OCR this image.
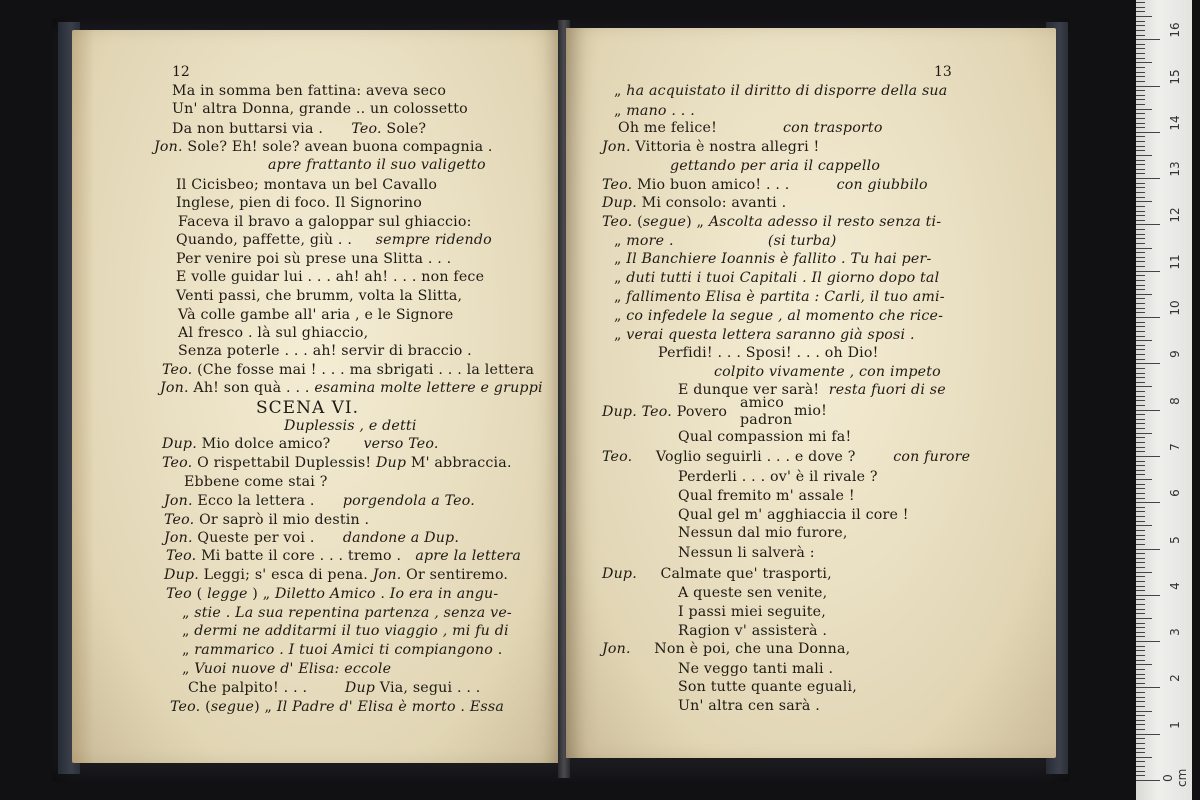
12
Ma in somma ben fattina: aveva seco
Un' altra Donna, grande .. un colossetto
Da non buttarsi via . Teo. Sole?
Jon. Sole? Eh! sole? avean buona compagnia .
apre frattanto il suo valigetto
Il Cicisbeo; montava un bel Cavallo
Inglese, pien di foco. Il Signorino
Faceva il bravo a galoppar sul ghiaccio:
Quando, paffette, giù . . sempre ridendo
Per venire poi sù prese una Slitta . . .
E volle guidar lui . . . ah! ah! . . . non fece
Venti passi, che brumm, volta la Slitta,
Và colle gambe all' aria , e le Signore
Al fresco . là sul ghiaccio,
Senza poterle . . . ah! servir di braccio .
Teo. (Che fosse mai ! . . . ma sbrigati . . . la lettera
Jon. Ah! son quà . . . esamina molte lettere e gruppi
SCENA VI.
Duplessis , e detti
Dup. Mio dolce amico? verso Teo.
Teo. O rispettabil Duplessis! Dup M' abbraccia.
Ebbene come stai ?
Jon. Ecco la lettera . porgendola a Teo.
Teo. Or saprò il mio destin .
Jon. Queste per voi . dandone a Dup.
Teo. Mi batte il core . . . tremo . apre la lettera
Dup. Leggi; s' esca di pena. Jon. Or sentiremo.
Teo ( legge ) „ Diletto Amico . Io era in angu-
„ stie . La sua repentina partenza , senza ve-
„ dermi ne additarmi il tuo viaggio , mi fu di
„ rammarico . I tuoi Amici ti compiangono .
„ Vuoi nuove d' Elisa: eccole
Che palpito! . . .	Dup Via, segui . . .
Teo. (segue) „ Il Padre d' Elisa è morto . Essa
13
„ ha acquistato il diritto di disporre della sua
„ mano . . .
Oh me felice!	con trasporto
Jon. Vittoria è nostra allegri !
gettando per aria il cappello
Teo. Mio buon amico! . . .	con giubbilo
Dup. Mi consolo: avanti .
Teo. (segue) „ Ascolta adesso il resto senza ti-
„ more .	(si turba)
„ Il Banchiere Ioannis è fallito . Tu hai per-
„ duti tutti i tuoi Capitali . Il giorno dopo tal
„ fallimento Elisa è partita : Carli, il tuo ami-
„ co infedele la segue , al momento che rice-
„ verai questa lettera saranno già sposi .
Perfidi! . . . Sposi! . . . oh Dio!
colpito vivamente , con impeto
E dunque ver sarà! resta fuori di se
Dup. Teo. Povero
amico
padron
mio!
Qual compassion mi fa!
Teo.     Voglio seguirli . . . e dove ?	con furore
Perderli . . . ov' è il rivale ?
Qual fremito m' assale !
Qual gel m' agghiaccia il core !
Nessun dal mio furore,
Nessun li salverà :
Dup.     Calmate que' trasporti,
A queste sen venite,
I passi miei seguite,
Ragion v' assisterà .
Jon.     Non è poi, che una Donna,
Ne veggo tanti mali .
Son tutte quante eguali,
Un' altra cen sarà .
0 cm
1
2
3
4
5
6
7
8
9
10
11
12
13
14
15
16
